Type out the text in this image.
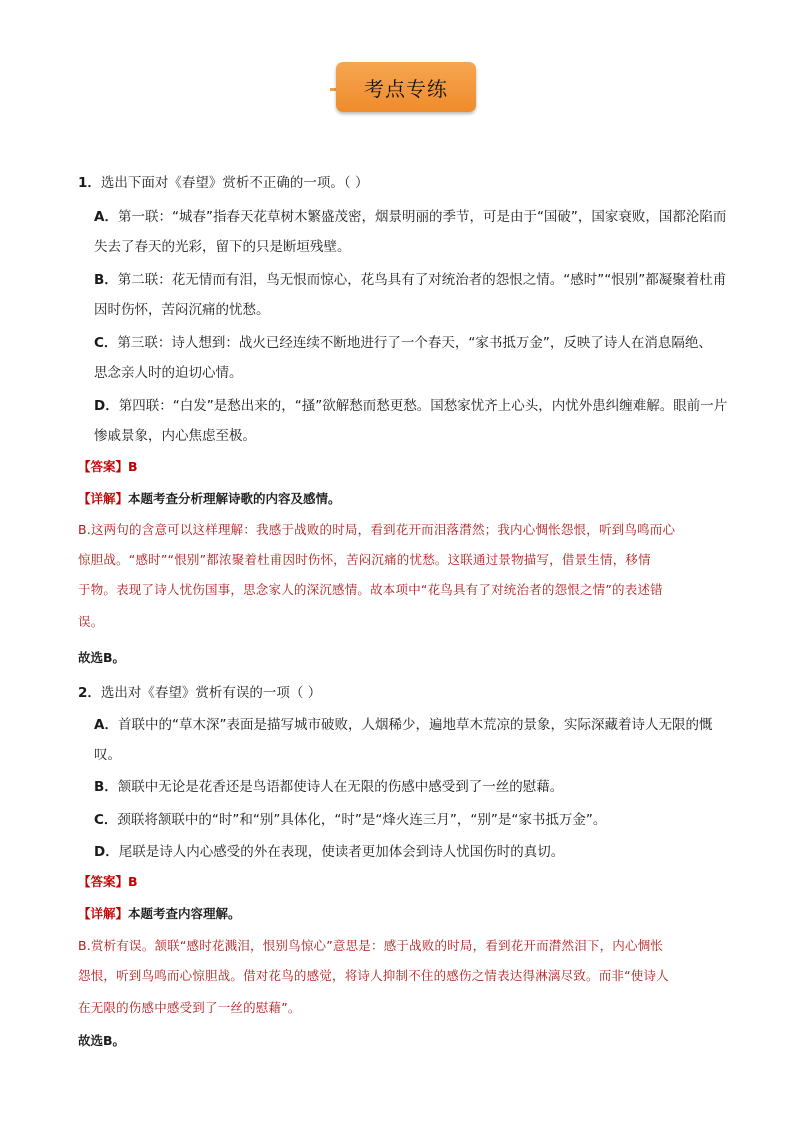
考点专练
1．选出下面对《春望》赏析不正确的一项。（ ）
A．第一联：“城春”指春天花草树木繁盛茂密，烟景明丽的季节，可是由于“国破”，国家衰败，国都沦陷而
失去了春天的光彩，留下的只是断垣残壁。
B．第二联：花无情而有泪，鸟无恨而惊心，花鸟具有了对统治者的怨恨之情。“感时”“恨别”都凝聚着杜甫
因时伤怀，苦闷沉痛的忧愁。
C．第三联：诗人想到：战火已经连续不断地进行了一个春天，“家书抵万金”，反映了诗人在消息隔绝、
思念亲人时的迫切心情。
D．第四联：“白发”是愁出来的，“搔”欲解愁而愁更愁。国愁家忧齐上心头，内忧外患纠缠难解。眼前一片
惨戚景象，内心焦虑至极。
【答案】B
【详解】本题考查分析理解诗歌的内容及感情。
B.这两句的含意可以这样理解：我感于战败的时局，看到花开而泪落潸然；我内心惆怅怨恨，听到鸟鸣而心
惊胆战。“感时”“恨别”都浓聚着杜甫因时伤怀，苦闷沉痛的忧愁。这联通过景物描写，借景生情，移情
于物。表现了诗人忧伤国事，思念家人的深沉感情。故本项中“花鸟具有了对统治者的怨恨之情”的表述错
误。
故选B。
2．选出对《春望》赏析有误的一项（ ）
A．首联中的“草木深”表面是描写城市破败，人烟稀少，遍地草木荒凉的景象，实际深藏着诗人无限的慨
叹。
B．颔联中无论是花香还是鸟语都使诗人在无限的伤感中感受到了一丝的慰藉。
C．颈联将颔联中的“时”和“别”具体化，“时”是“烽火连三月”，“别”是“家书抵万金”。
D．尾联是诗人内心感受的外在表现，使读者更加体会到诗人忧国伤时的真切。
【答案】B
【详解】本题考查内容理解。
B.赏析有误。颔联“感时花溅泪，恨别鸟惊心”意思是：感于战败的时局，看到花开而潸然泪下，内心惆怅
怨恨，听到鸟鸣而心惊胆战。借对花鸟的感觉，将诗人抑制不住的感伤之情表达得淋漓尽致。而非“使诗人
在无限的伤感中感受到了一丝的慰藉”。
故选B。
